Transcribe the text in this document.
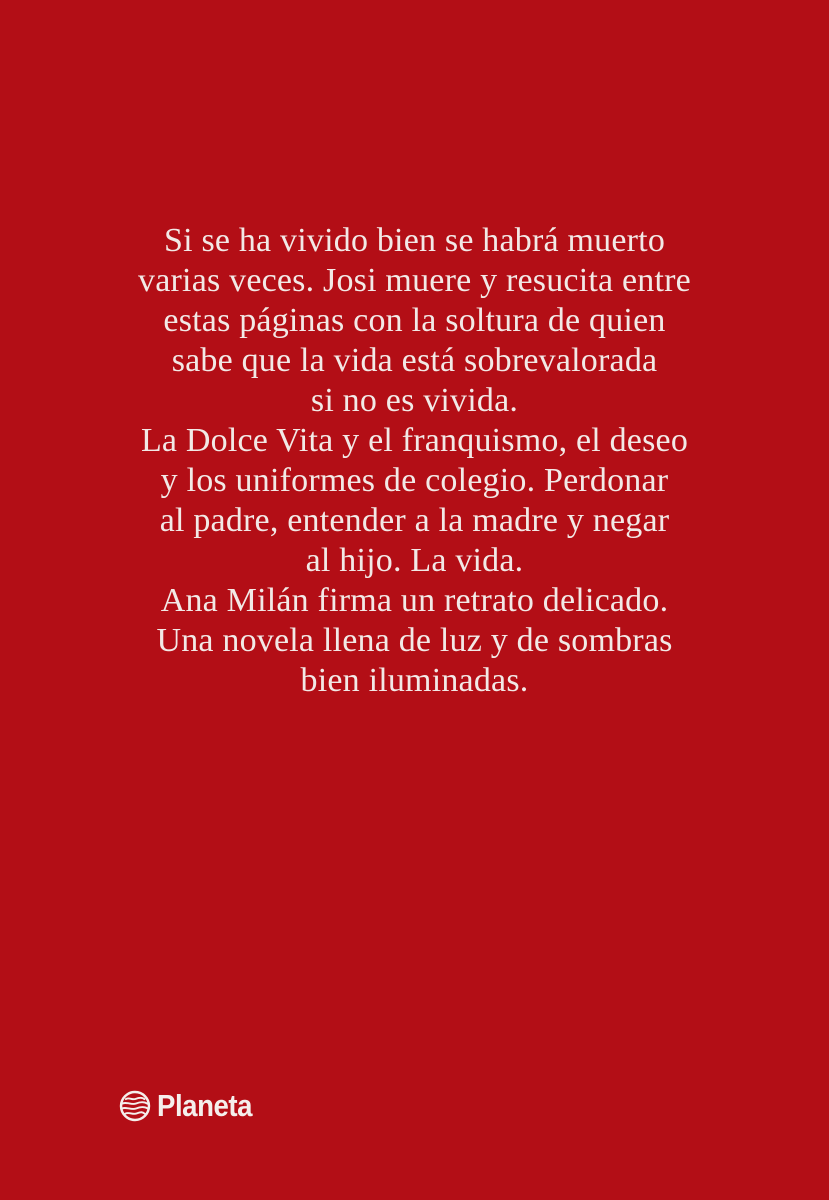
Si se ha vivido bien se habrá muerto
varias veces. Josi muere y resucita entre
estas páginas con la soltura de quien
sabe que la vida está sobrevalorada
si no es vivida.

La Dolce Vita y el franquismo, el deseo
y los uniformes de colegio. Perdonar
al padre, entender a la madre y negar
al hijo. La vida.

Ana Milán firma un retrato delicado.

Una novela llena de luz y de sombras
bien iluminadas.

Planeta
